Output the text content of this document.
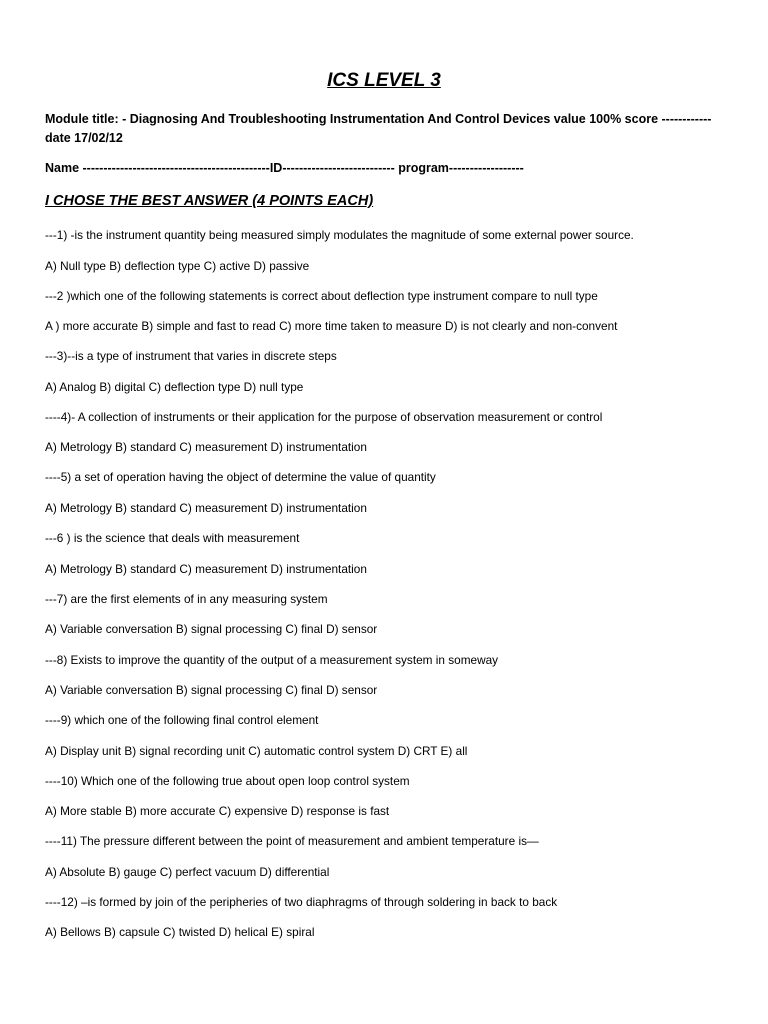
ICS LEVEL 3
Module title: - Diagnosing And Troubleshooting Instrumentation And Control Devices value 100% score ------------ date 17/02/12
Name ---------------------------------------------ID--------------------------- program------------------
I CHOSE THE BEST ANSWER (4 POINTS EACH)
---1) -is the instrument quantity being measured simply modulates the magnitude of some external power source.
A) Null type B) deflection type C) active D) passive
---2 )which one of the following statements is correct about deflection type instrument compare to null type
A ) more accurate B) simple and fast to read C) more time taken to measure D) is not clearly and non-convent
---3)--is a type of instrument that varies in discrete steps
A) Analog B) digital C) deflection type D) null type
----4)- A collection of instruments or their application for the purpose of observation measurement or control
A) Metrology B) standard C) measurement D) instrumentation
----5) a set of operation having the object of determine the value of quantity
A) Metrology B) standard C) measurement D) instrumentation
---6 ) is the science that deals with measurement
A) Metrology B) standard C) measurement D) instrumentation
---7) are the first elements of in any measuring system
A) Variable conversation B) signal processing C) final D) sensor
---8) Exists to improve the quantity of the output of a measurement system in someway
A) Variable conversation B) signal processing C) final D) sensor
----9) which one of the following final control element
A) Display unit B) signal recording unit C) automatic control system D) CRT E) all
----10) Which one of the following true about open loop control system
A) More stable B) more accurate C) expensive D) response is fast
----11) The pressure different between the point of measurement and ambient temperature is—
A) Absolute B) gauge C) perfect vacuum D) differential
----12) –is formed by join of the peripheries of two diaphragms of through soldering in back to back
A) Bellows B) capsule C) twisted D) helical E) spiral
